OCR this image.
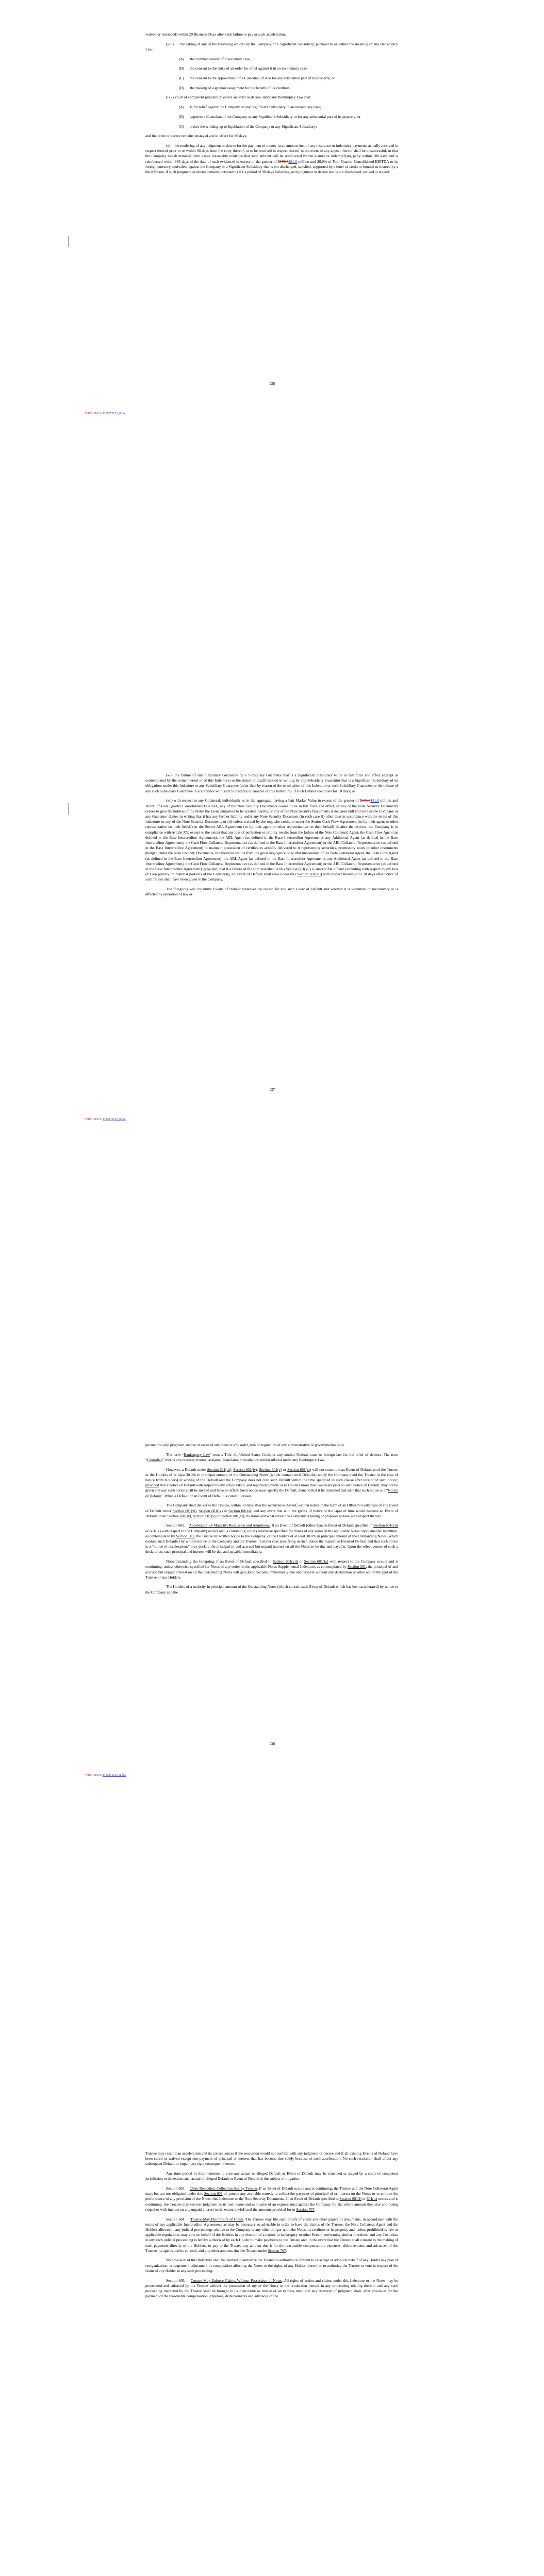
waived or rescinded) within 20 Business Days after such failure to pay or such acceleration;

(viii)      the taking of any of the following actions by the Company or a Significant Subsidiary, pursuant to or within the meaning of any Bankruptcy Law:

(A)      the commencement of a voluntary case;

(B)      the consent to the entry of an order for relief against it in an involuntary case;

(C)      the consent to the appointment of a Custodian of it or for any substantial part of its property; or

(D)      the making of a general assignment for the benefit of its creditors;

(ix) a court of competent jurisdiction enters an order or decree under any Bankruptcy Law that:

(A)      is for relief against the Company or any Significant Subsidiary in an involuntary case;

(B)      appoints a Custodian of the Company or any Significant Subsidiary or for any substantial part of its property; or

(C)      orders the winding up or liquidation of the Company or any Significant Subsidiary;

and the order or decree remains unstayed and in effect for 60 days;

(x)    the rendering of any judgment or decree for the payment of money in an amount (net of any insurance or indemnity payments actually received in respect thereof prior to or within 90 days from the entry thereof, or to be received in respect thereof in the event of any appeal thereof shall be unsuccessful, or that the Company has determined there exists reasonable evidence that such amount will be reimbursed by the insurer or indemnifying party within 180 days and is reimbursed within 365 days of the date of such evidence) in excess of the greater of $172.5181.0 million and 20.0% of Four Quarter Consolidated EBITDA or its foreign currency equivalent against the Company or a Significant Subsidiary that is not discharged, satisfied, supported by a letter of credit or bonded or insured by a third Person, if such judgment or decree remains outstanding for a period of 90 days following such judgment or decree and is not discharged, waived or stayed;

136
WHD-1162v11110271152_8.doc

(xi)  the failure of any Subsidiary Guarantee by a Subsidiary Guarantor that is a Significant Subsidiary to be in full force and effect (except as contemplated by the terms thereof or of this Indenture) or the denial or disaffirmation in writing by any Subsidiary Guarantor that is a Significant Subsidiary of its obligations under this Indenture or any Subsidiary Guarantee (other than by reason of the termination of this Indenture or such Subsidiary Guarantee or the release of any such Subsidiary Guarantee in accordance with such Subsidiary Guarantee or this Indenture), if such Default continues for 10 days; or

(xii) with respect to any Collateral, individually or in the aggregate, having a Fair Market Value in excess of the greater of $172.5181.0 million and 20.0% of Four Quarter Consolidated EBITDA, any of the Note Security Documents ceases to be in full force and effect, or any of the Note Security Documents ceases to give the holders of the Notes the Liens purported to be created thereby, or any of the Note Security Documents is declared null and void or the Company or any Guarantor denies in writing that it has any further liability under any Note Security Document (in each case (i) other than in accordance with the terms of this Indenture or any of the Note Security Documents or (ii) unless waived by the requisite creditors under the Senior Cash Flow Agreement (or by their agent or other representative on their behalf) or the Senior ABL Agreement (or by their agent or other representative on their behalf) if, after that waiver, the Company is in compliance with Article XV, except to the extent that any loss of perfection or priority results from the failure of the Note Collateral Agent, the Cash Flow Agent (as defined in the Base Intercreditor Agreement), the ABL Agent (as defined in the Base Intercreditor Agreement), any Additional Agent (as defined in the Base Intercreditor Agreement), the Cash Flow Collateral Representative (as defined in the Base Intercreditor Agreement) or the ABL Collateral Representative (as defined in the Base Intercreditor Agreement) to maintain possession of certificates actually delivered to it representing securities, promissory notes or other instruments pledged under the Note Security Documents, or otherwise results from the gross negligence or willful misconduct of the Note Collateral Agent, the Cash Flow Agent (as defined in the Base Intercreditor Agreement), the ABL Agent (as defined in the Base Intercreditor Agreement), any Additional Agent (as defined in the Base Intercreditor Agreement), the Cash Flow Collateral Representative (as defined in the Base Intercreditor Agreement) or the ABL Collateral Representative (as defined in the Base Intercreditor Agreement); provided, that if a failure of the sort described in this Section 601(xii) is susceptible of cure (including with respect to any loss of Lien priority on material portions of the Collateral), no Event of Default shall arise under this Section 601(xii) with respect thereto until 30 days after notice of such failure shall have been given to the Company.

The foregoing will constitute Events of Default whatever the reason for any such Event of Default and whether it is voluntary or involuntary or is effected by operation of law or

137
WHD-1162v11110271152_8.doc

pursuant to any judgment, decree or order of any court or any order, rule or regulation of any administrative or governmental body.

The term “Bankruptcy Law” means Title 11, United States Code, or any similar Federal, state or foreign law for the relief of debtors. The term “Custodian” means any receiver, trustee, assignee, liquidator, custodian or similar official under any Bankruptcy Law.

However, a Default under Section 601(iii), Section 601(iv), Section 601(v) or Section 601(xi) will not constitute an Event of Default until the Trustee or the Holders of at least 30.0% in principal amount of the Outstanding Notes (which contain such Defaults) notify the Company (and the Trustee in the case of notice from Holders) in writing of the Default and the Company does not cure such Default within the time specified in such clause after receipt of such notice; provided that a notice of Default with respect to any action taken, and reported publicly or to Holders more than two years prior to such notice of Default, may not be given and any such notice shall be invalid and have no effect. Such notice must specify the Default, demand that it be remedied and state that such notice is a “Notice of Default”. When a Default or an Event of Default is cured, it ceases.

The Company shall deliver to the Trustee, within 30 days after the occurrence thereof, written notice in the form of an Officer’s Certificate of any Event of Default under Section 601(vi), Section 601(ix) or Section 601(xi) and any event that with the giving of notice or the lapse of time would become an Event of Default under Section 601(iv), Section 601(v) or Section 601(xi), its status and what action the Company is taking or proposes to take with respect thereto.

Section 602.    Acceleration of Maturity; Rescission and Annulment. If an Event of Default (other than an Event of Default specified in Section 601(vii) or 601(ix) with respect to the Company) occurs and is continuing, unless otherwise specified for Notes of any series in the applicable Notes Supplemental Indenture, as contemplated by Section 301, the Trustee by written notice to the Company, or the Holders of at least 30.0% in principal amount of the Outstanding Notes (which contain such Defaults) by written notice to the Company and the Trustee, in either case specifying in such notice the respective Event of Default and that such notice is a “notice of acceleration,” may declare the principal of and accrued but unpaid interest on all the Notes to be due and payable. Upon the effectiveness of such a declaration, such principal and interest will be due and payable immediately.

Notwithstanding the foregoing, if an Event of Default specified in Section 601(vii) or Section 601(ix) with respect to the Company occurs and is continuing, unless otherwise specified for Notes of any series in the applicable Notes Supplemental Indenture, as contemplated by Section 301, the principal of and accrued but unpaid interest on all the Outstanding Notes will ipso facto become immediately due and payable without any declaration or other act on the part of the Trustee or any Holders.

The Holders of a majority in principal amount of the Outstanding Notes (which contain such Event of Default which has been accelerated) by notice to the Company and the

138
WHD-1162v11110271152_8.doc

Trustee may rescind an acceleration and its consequences if the rescission would not conflict with any judgment or decree and if all existing Events of Default have been cured or waived except non-payment of principal or interest that has become due solely because of such acceleration. No such rescission shall affect any subsequent Default or impair any right consequent thereto.

Any time period in this Indenture to cure any actual or alleged Default or Event of Default may be extended or stayed by a court of competent jurisdiction to the extent such actual or alleged Default or Event of Default is the subject of litigation.

Section 603.    Other Remedies; Collection Suit by Trustee. If an Event of Default occurs and is continuing, the Trustee and the Note Collateral Agent may, but are not obligated under this Section 603 to, pursue any available remedy to collect the payment of principal of or interest on the Notes or to enforce the performance of any provision of the Notes, this Indenture or the Note Security Documents. If an Event of Default specified in Section 601(i) or 601(ii) occurs and is continuing, the Trustee may recover judgment in its own name and as trustee of an express trust against the Company for the whole amount then due and owing (together with interest on any unpaid interest to the extent lawful) and the amounts provided for in Section 707.

Section 604.    Trustee May File Proofs of Claim. The Trustee may file such proofs of claim and other papers or documents, in accordance with the terms of any applicable Intercreditor Agreements as may be necessary or advisable in order to have the claims of the Trustee, the Note Collateral Agent and the Holders allowed in any judicial proceedings relative to the Company or any other obligor upon the Notes, its creditors or its property and, unless prohibited by law or applicable regulations, may vote on behalf of the Holders in any election of a trustee in bankruptcy or other Person performing similar functions, and any Custodian in any such judicial proceeding is hereby authorized by each Holder to make payments to the Trustee and, in the event that the Trustee shall consent to the making of such payments directly to the Holders, to pay to the Trustee any amount due it for the reasonable compensation, expenses, disbursements and advances of the Trustee, its agents and its counsel, and any other amounts due the Trustee under Section 707.

No provision of this Indenture shall be deemed to authorize the Trustee to authorize or consent to or accept or adopt on behalf of any Holder any plan of reorganization, arrangement, adjustment or composition affecting the Notes or the rights of any Holder thereof or to authorize the Trustee to vote in respect of the claim of any Holder in any such proceeding.

Section 605.    Trustee May Enforce Claims Without Possession of Notes. All rights of action and claims under this Indenture or the Notes may be prosecuted and enforced by the Trustee without the possession of any of the Notes or the production thereof in any proceeding relating thereto, and any such proceeding instituted by the Trustee shall be brought in its own name as trustee of an express trust, and any recovery of judgment shall, after provision for the payment of the reasonable compensation, expenses, disbursements and advances of the
